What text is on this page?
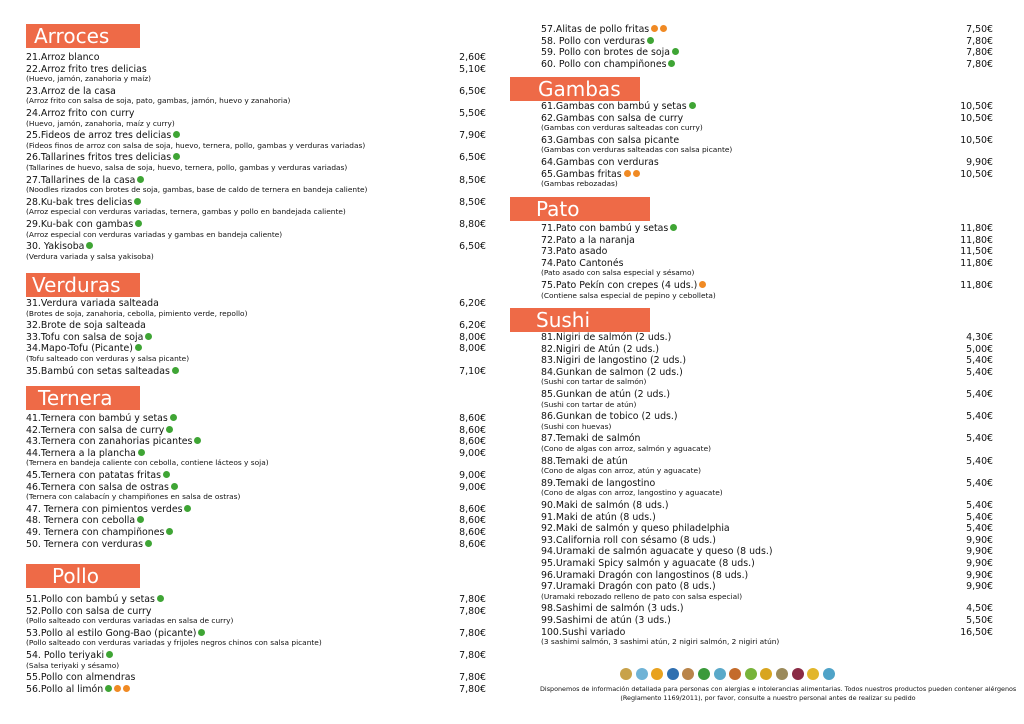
Arroces
21.Arroz blanco	2,60€
22.Arroz frito tres delicias	5,10€
(Huevo, jamón, zanahoria y maíz)
23.Arroz de la casa	6,50€
(Arroz frito con salsa de soja, pato, gambas, jamón, huevo y zanahoria)
24.Arroz frito con curry	5,50€
(Huevo, jamón, zanahoria, maíz y curry)
25.Fideos de arroz tres delicias	7,90€
(Fideos finos de arroz con salsa de soja, huevo, ternera, pollo, gambas y verduras variadas)
26.Tallarines fritos tres delicias	6,50€
(Tallarines de huevo, salsa de soja, huevo, ternera, pollo, gambas y verduras variadas)
27.Tallarines de la casa	8,50€
(Noodles rizados con brotes de soja, gambas, base de caldo de ternera en bandeja caliente)
28.Ku-bak tres delicias	8,50€
(Arroz especial con verduras variadas, ternera, gambas y pollo en bandejada caliente)
29.Ku-bak con gambas	8,80€
(Arroz especial con verduras variadas y gambas en bandeja caliente)
30. Yakisoba	6,50€
(Verdura variada y salsa yakisoba)
Verduras
31.Verdura variada salteada	6,20€
(Brotes de soja, zanahoria, cebolla, pimiento verde, repollo)
32.Brote de soja salteada	6,20€
33.Tofu con salsa de soja	8,00€
34.Mapo-Tofu (Picante)	8,00€
(Tofu salteado con verduras y salsa picante)
35.Bambú con setas salteadas	7,10€
Ternera
41.Ternera con bambú y setas	8,60€
42.Ternera con salsa de curry	8,60€
43.Ternera con zanahorias picantes	8,60€
44.Ternera a la plancha	9,00€
(Ternera en bandeja caliente con cebolla, contiene lácteos y soja)
45.Ternera con patatas fritas	9,00€
46.Ternera con salsa de ostras	9,00€
(Ternera con calabacín y champiñones en salsa de ostras)
47. Ternera con pimientos verdes	8,60€
48. Ternera con cebolla	8,60€
49. Ternera con champiñones	8,60€
50. Ternera con verduras	8,60€
Pollo
51.Pollo con bambú y setas	7,80€
52.Pollo con salsa de curry	7,80€
(Pollo salteado con verduras variadas en salsa de curry)
53.Pollo al estilo Gong-Bao (picante)	7,80€
(Pollo salteado con verduras variadas y frijoles negros chinos con salsa picante)
54. Pollo teriyaki	7,80€
(Salsa teriyaki y sésamo)
55.Pollo con almendras	7,80€
56.Pollo al limón	7,80€
57.Alitas de pollo fritas	7,50€
58. Pollo con verduras	7,80€
59. Pollo con brotes de soja	7,80€
60. Pollo con champiñones	7,80€
Gambas
61.Gambas con bambú y setas	10,50€
62.Gambas con salsa de curry	10,50€
(Gambas con verduras salteadas con curry)
63.Gambas con salsa picante	10,50€
(Gambas con verduras salteadas con salsa picante)
64.Gambas con verduras	9,90€
65.Gambas fritas	10,50€
(Gambas rebozadas)
Pato
71.Pato con bambú y setas	11,80€
72.Pato a la naranja	11,80€
73.Pato asado	11,50€
74.Pato Cantonés	11,80€
(Pato asado con salsa especial y sésamo)
75.Pato Pekín con crepes (4 uds.)	11,80€
(Contiene salsa especial de pepino y cebolleta)
Sushi
81.Nigiri de salmón (2 uds.)	4,30€
82.Nigiri de Atún (2 uds.)	5,00€
83.Nigiri de langostino (2 uds.)	5,40€
84.Gunkan de salmon (2 uds.)	5,40€
(Sushi con tartar de salmón)
85.Gunkan de atún (2 uds.)	5,40€
(Sushi con tartar de atún)
86.Gunkan de tobico (2 uds.)	5,40€
(Sushi con huevas)
87.Temaki de salmón	5,40€
(Cono de algas con arroz, salmón y aguacate)
88.Temaki de atún	5,40€
(Cono de algas con arroz, atún y aguacate)
89.Temaki de langostino	5,40€
(Cono de algas con arroz, langostino y aguacate)
90.Maki de salmón (8 uds.)	5,40€
91.Maki de atún (8 uds.)	5,40€
92.Maki de salmón y queso philadelphia	5,40€
93.California roll con sésamo (8 uds.)	9,90€
94.Uramaki de salmón aguacate y queso (8 uds.)	9,90€
95.Uramaki Spicy salmón y aguacate (8 uds.)	9,90€
96.Uramaki Dragón con langostinos (8 uds.)	9,90€
97.Uramaki Dragón con pato (8 uds.)	9,90€
(Uramaki rebozado relleno de pato con salsa especial)
98.Sashimi de salmón (3 uds.)	4,50€
99.Sashimi de atún (3 uds.)	5,50€
100.Sushi variado	16,50€
(3 sashimi salmón, 3 sashimi atún, 2 nigiri salmón, 2 nigiri atún)
Disponemos de información detallada para personas con alergias e intolerancias alimentarias. Todos nuestros productos pueden contener alérgenos
(Reglamento 1169/2011), por favor, consulte a nuestro personal antes de realizar su pedido
